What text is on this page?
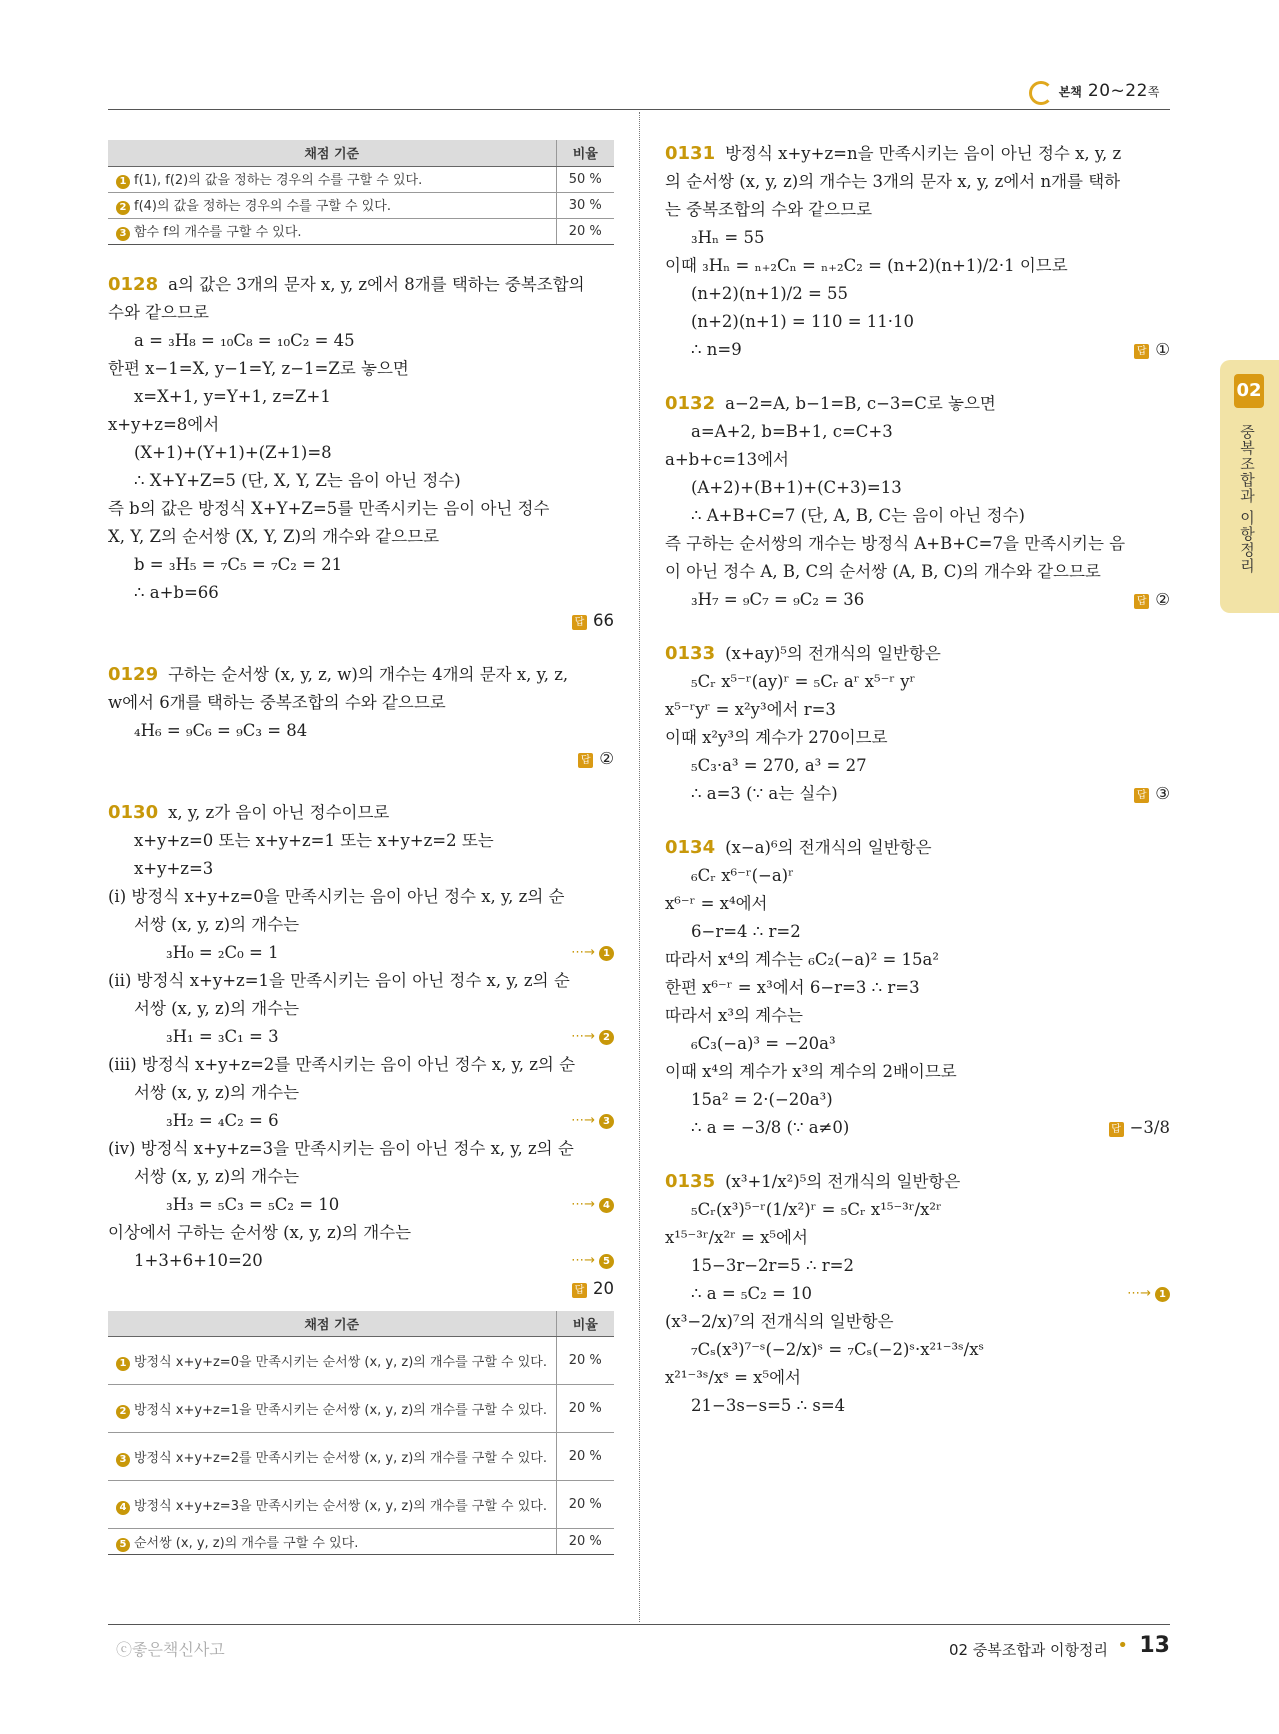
본책 20~22쪽
02
중복조합과 이항정리
채점 기준	비율
1 f(1), f(2)의 값을 정하는 경우의 수를 구할 수 있다.	50 %
2 f(4)의 값을 정하는 경우의 수를 구할 수 있다.	30 %
3 함수 f의 개수를 구할 수 있다.	20 %
0128 a의 값은 3개의 문자 x, y, z에서 8개를 택하는 중복조합의
수와 같으므로
a = ₃H₈ = ₁₀C₈ = ₁₀C₂ = 45
한편 x−1=X, y−1=Y, z−1=Z로 놓으면
x=X+1, y=Y+1, z=Z+1
x+y+z=8에서
(X+1)+(Y+1)+(Z+1)=8
∴ X+Y+Z=5 (단, X, Y, Z는 음이 아닌 정수)
즉 b의 값은 방정식 X+Y+Z=5를 만족시키는 음이 아닌 정수
X, Y, Z의 순서쌍 (X, Y, Z)의 개수와 같으므로
b = ₃H₅ = ₇C₅ = ₇C₂ = 21
∴ a+b=66
답 66
0129 구하는 순서쌍 (x, y, z, w)의 개수는 4개의 문자 x, y, z,
w에서 6개를 택하는 중복조합의 수와 같으므로
₄H₆ = ₉C₆ = ₉C₃ = 84
답 ②
0130 x, y, z가 음이 아닌 정수이므로
x+y+z=0 또는 x+y+z=1 또는 x+y+z=2 또는
x+y+z=3
(ⅰ) 방정식 x+y+z=0을 만족시키는 음이 아닌 정수 x, y, z의 순
서쌍 (x, y, z)의 개수는
₃H₀ = ₂C₀ = 1	⋯→ 1
(ⅱ) 방정식 x+y+z=1을 만족시키는 음이 아닌 정수 x, y, z의 순
서쌍 (x, y, z)의 개수는
₃H₁ = ₃C₁ = 3	⋯→ 2
(ⅲ) 방정식 x+y+z=2를 만족시키는 음이 아닌 정수 x, y, z의 순
서쌍 (x, y, z)의 개수는
₃H₂ = ₄C₂ = 6	⋯→ 3
(ⅳ) 방정식 x+y+z=3을 만족시키는 음이 아닌 정수 x, y, z의 순
서쌍 (x, y, z)의 개수는
₃H₃ = ₅C₃ = ₅C₂ = 10	⋯→ 4
이상에서 구하는 순서쌍 (x, y, z)의 개수는
1+3+6+10=20	⋯→ 5
답 20
채점 기준	비율
1 방정식 x+y+z=0을 만족시키는 순서쌍 (x, y, z)의 개수를 구할 수 있다.	20 %
2 방정식 x+y+z=1을 만족시키는 순서쌍 (x, y, z)의 개수를 구할 수 있다.	20 %
3 방정식 x+y+z=2를 만족시키는 순서쌍 (x, y, z)의 개수를 구할 수 있다.	20 %
4 방정식 x+y+z=3을 만족시키는 순서쌍 (x, y, z)의 개수를 구할 수 있다.	20 %
5 순서쌍 (x, y, z)의 개수를 구할 수 있다.	20 %
0131 방정식 x+y+z=n을 만족시키는 음이 아닌 정수 x, y, z
의 순서쌍 (x, y, z)의 개수는 3개의 문자 x, y, z에서 n개를 택하
는 중복조합의 수와 같으므로
₃Hₙ = 55
이때 ₃Hₙ = ₙ₊₂Cₙ = ₙ₊₂C₂ = (n+2)(n+1)/2·1 이므로
(n+2)(n+1)/2 = 55
(n+2)(n+1) = 110 = 11·10
∴ n=9	답 ①
0132 a−2=A, b−1=B, c−3=C로 놓으면
a=A+2, b=B+1, c=C+3
a+b+c=13에서
(A+2)+(B+1)+(C+3)=13
∴ A+B+C=7 (단, A, B, C는 음이 아닌 정수)
즉 구하는 순서쌍의 개수는 방정식 A+B+C=7을 만족시키는 음
이 아닌 정수 A, B, C의 순서쌍 (A, B, C)의 개수와 같으므로
₃H₇ = ₉C₇ = ₉C₂ = 36	답 ②
0133 (x+ay)⁵의 전개식의 일반항은
₅Cᵣ x⁵⁻ʳ(ay)ʳ = ₅Cᵣ aʳ x⁵⁻ʳ yʳ
x⁵⁻ʳyʳ = x²y³에서 r=3
이때 x²y³의 계수가 270이므로
₅C₃·a³ = 270, a³ = 27
∴ a=3 (∵ a는 실수)	답 ③
0134 (x−a)⁶의 전개식의 일반항은
₆Cᵣ x⁶⁻ʳ(−a)ʳ
x⁶⁻ʳ = x⁴에서
6−r=4 ∴ r=2
따라서 x⁴의 계수는 ₆C₂(−a)² = 15a²
한편 x⁶⁻ʳ = x³에서 6−r=3 ∴ r=3
따라서 x³의 계수는
₆C₃(−a)³ = −20a³
이때 x⁴의 계수가 x³의 계수의 2배이므로
15a² = 2·(−20a³)
∴ a = −3/8 (∵ a≠0)	답 −3/8
0135 (x³+1/x²)⁵의 전개식의 일반항은
₅Cᵣ(x³)⁵⁻ʳ(1/x²)ʳ = ₅Cᵣ x¹⁵⁻³ʳ/x²ʳ
x¹⁵⁻³ʳ/x²ʳ = x⁵에서
15−3r−2r=5 ∴ r=2
∴ a = ₅C₂ = 10	⋯→ 1
(x³−2/x)⁷의 전개식의 일반항은
₇Cₛ(x³)⁷⁻ˢ(−2/x)ˢ = ₇Cₛ(−2)ˢ·x²¹⁻³ˢ/xˢ
x²¹⁻³ˢ/xˢ = x⁵에서
21−3s−s=5 ∴ s=4
ⓒ좋은책신사고	02 중복조합과 이항정리 • 13
